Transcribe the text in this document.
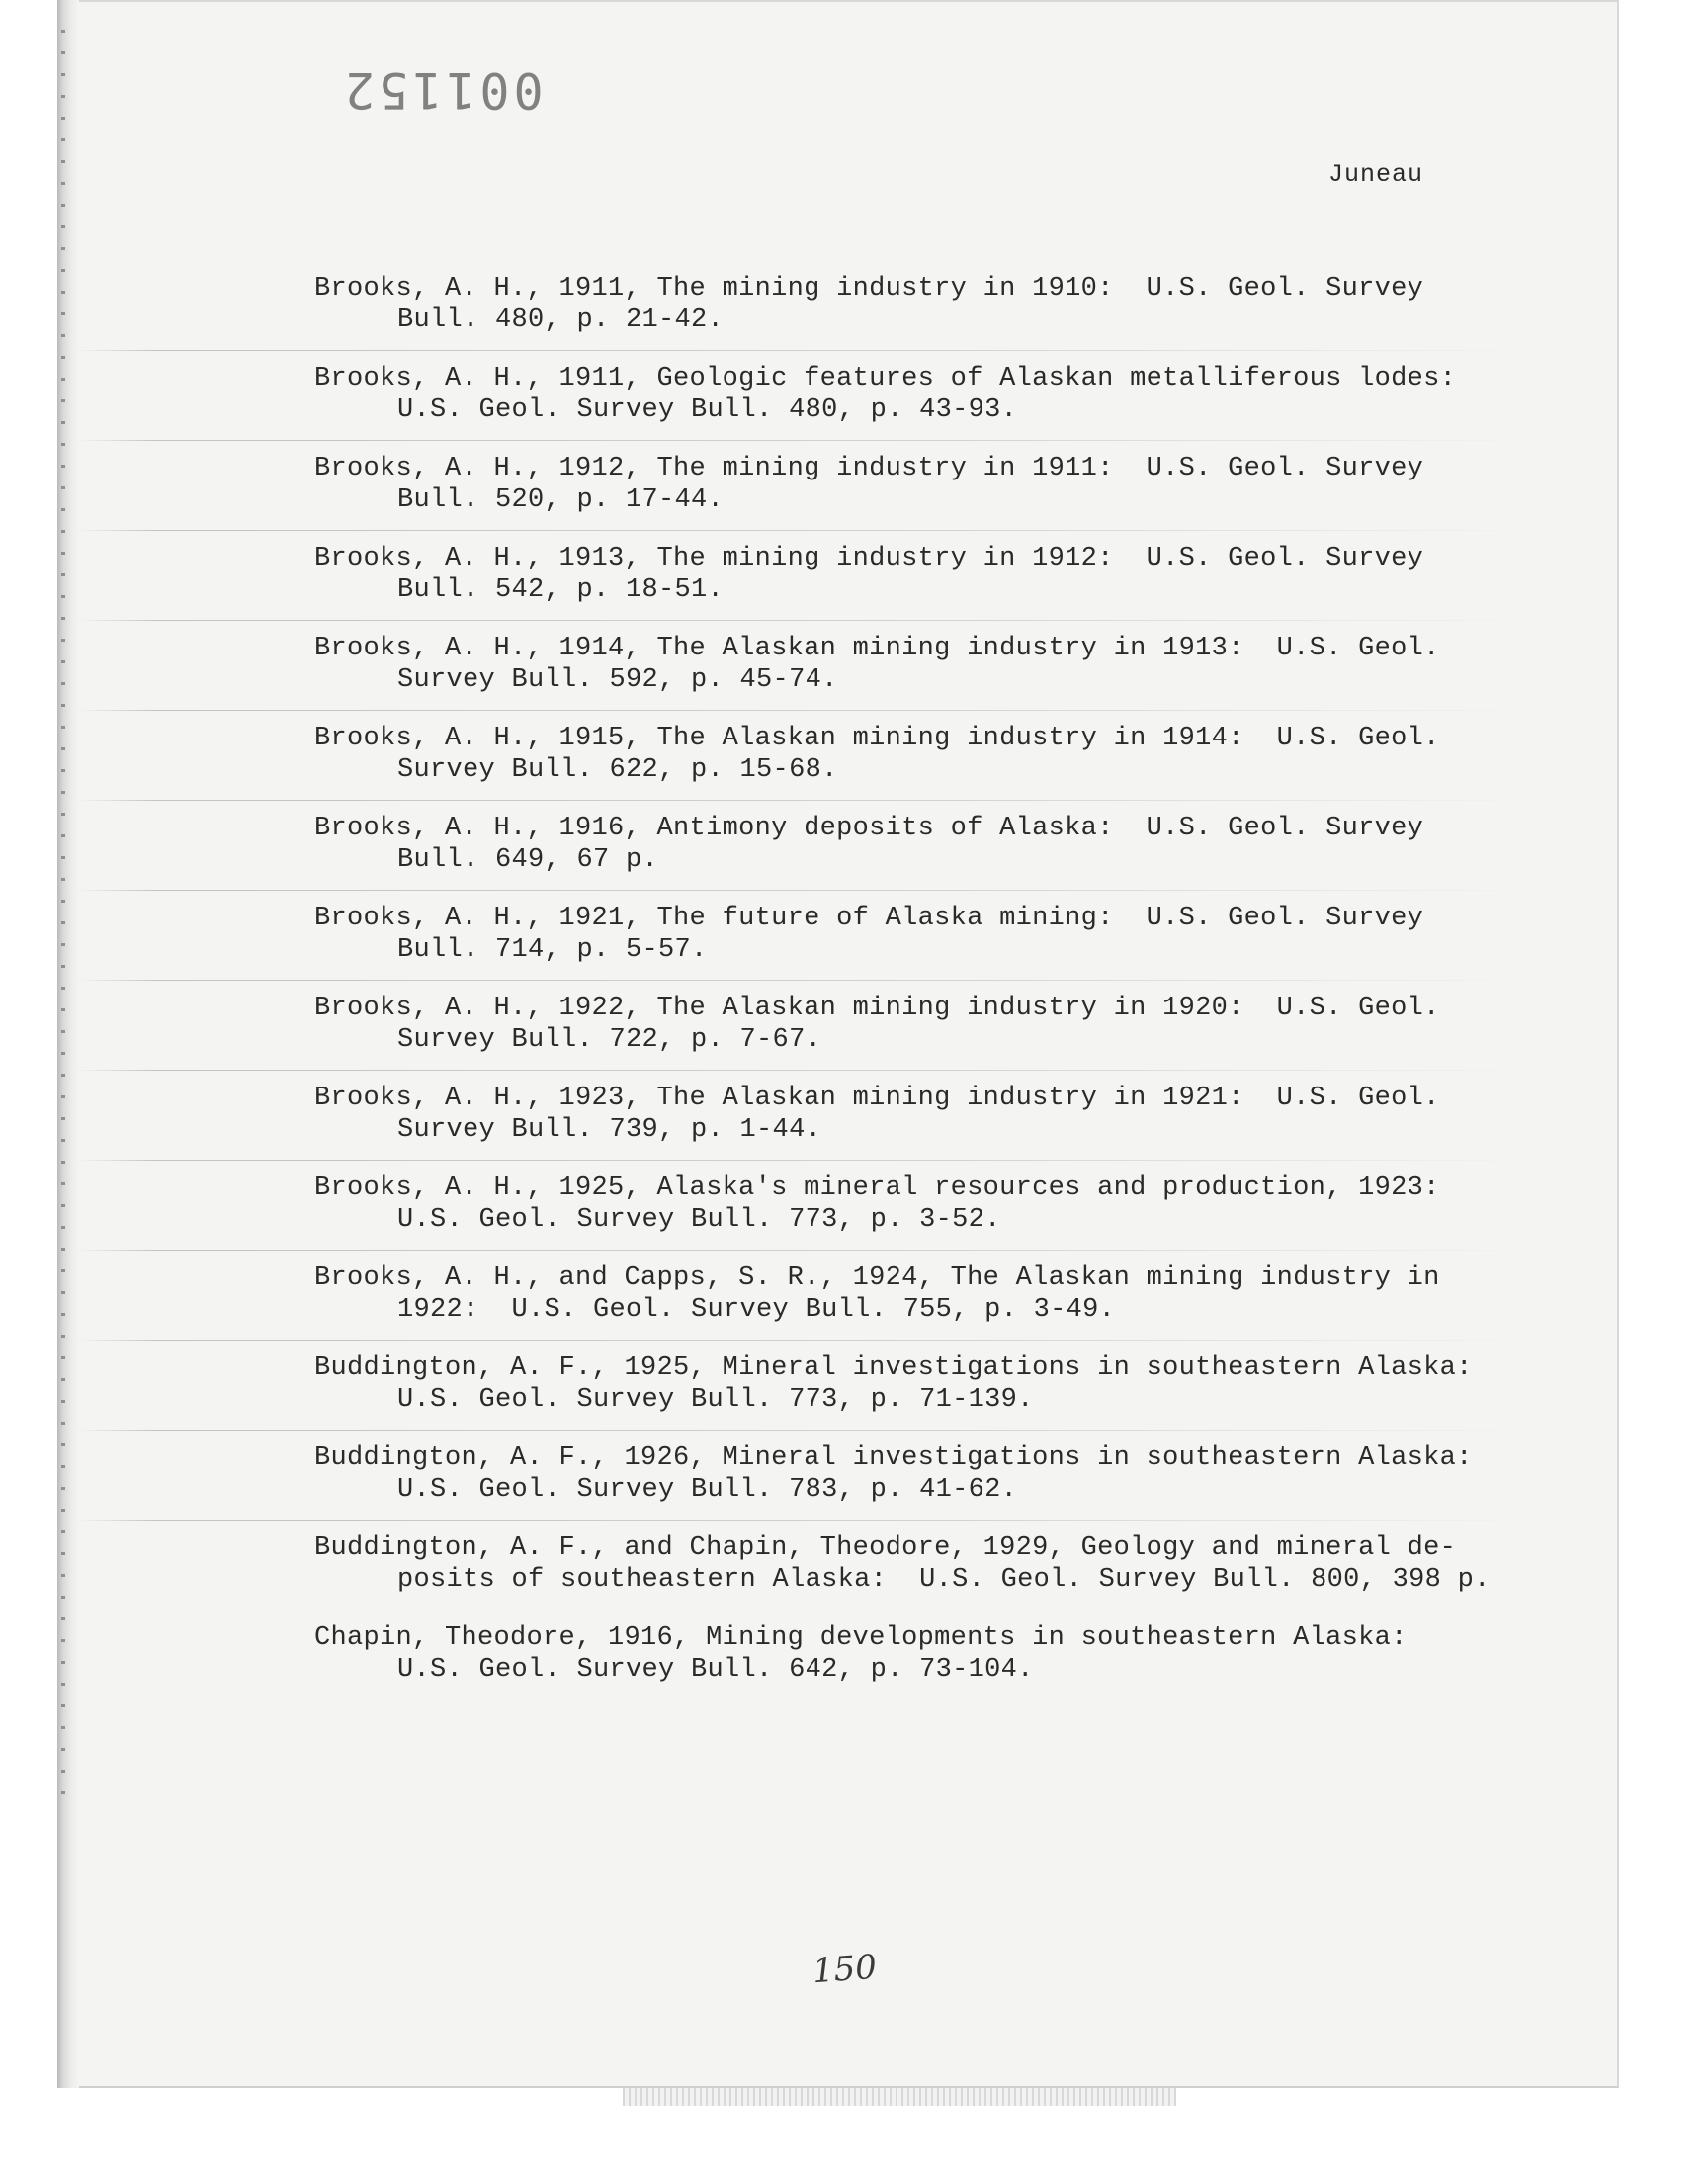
001152
Juneau
Brooks, A. H., 1911, The mining industry in 1910:  U.S. Geol. Survey
Bull. 480, p. 21-42.
Brooks, A. H., 1911, Geologic features of Alaskan metalliferous lodes:
U.S. Geol. Survey Bull. 480, p. 43-93.
Brooks, A. H., 1912, The mining industry in 1911:  U.S. Geol. Survey
Bull. 520, p. 17-44.
Brooks, A. H., 1913, The mining industry in 1912:  U.S. Geol. Survey
Bull. 542, p. 18-51.
Brooks, A. H., 1914, The Alaskan mining industry in 1913:  U.S. Geol.
Survey Bull. 592, p. 45-74.
Brooks, A. H., 1915, The Alaskan mining industry in 1914:  U.S. Geol.
Survey Bull. 622, p. 15-68.
Brooks, A. H., 1916, Antimony deposits of Alaska:  U.S. Geol. Survey
Bull. 649, 67 p.
Brooks, A. H., 1921, The future of Alaska mining:  U.S. Geol. Survey
Bull. 714, p. 5-57.
Brooks, A. H., 1922, The Alaskan mining industry in 1920:  U.S. Geol.
Survey Bull. 722, p. 7-67.
Brooks, A. H., 1923, The Alaskan mining industry in 1921:  U.S. Geol.
Survey Bull. 739, p. 1-44.
Brooks, A. H., 1925, Alaska's mineral resources and production, 1923:
U.S. Geol. Survey Bull. 773, p. 3-52.
Brooks, A. H., and Capps, S. R., 1924, The Alaskan mining industry in
1922:  U.S. Geol. Survey Bull. 755, p. 3-49.
Buddington, A. F., 1925, Mineral investigations in southeastern Alaska:
U.S. Geol. Survey Bull. 773, p. 71-139.
Buddington, A. F., 1926, Mineral investigations in southeastern Alaska:
U.S. Geol. Survey Bull. 783, p. 41-62.
Buddington, A. F., and Chapin, Theodore, 1929, Geology and mineral de-
posits of southeastern Alaska:  U.S. Geol. Survey Bull. 800, 398 p.
Chapin, Theodore, 1916, Mining developments in southeastern Alaska:
U.S. Geol. Survey Bull. 642, p. 73-104.
150
